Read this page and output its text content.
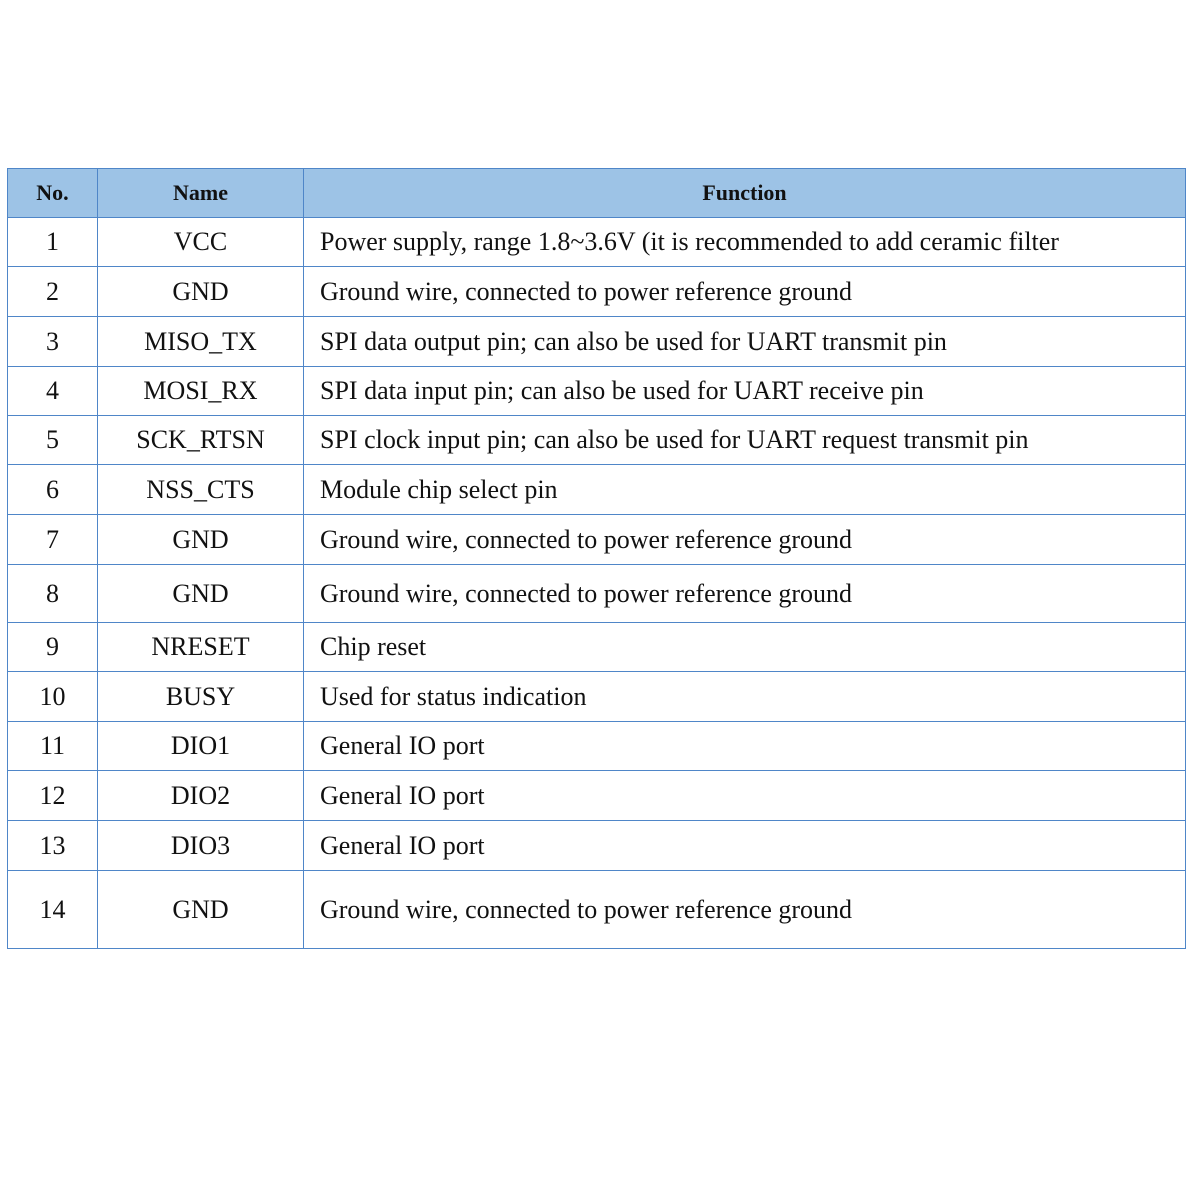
No.	Name	Function
1	VCC	Power supply, range 1.8~3.6V (it is recommended to add ceramic filter
2	GND	Ground wire, connected to power reference ground
3	MISO_TX	SPI data output pin; can also be used for UART transmit pin
4	MOSI_RX	SPI data input pin; can also be used for UART receive pin
5	SCK_RTSN	SPI clock input pin; can also be used for UART request transmit pin
6	NSS_CTS	Module chip select pin
7	GND	Ground wire, connected to power reference ground
8	GND	Ground wire, connected to power reference ground
9	NRESET	Chip reset
10	BUSY	Used for status indication
11	DIO1	General IO port
12	DIO2	General IO port
13	DIO3	General IO port
14	GND	Ground wire, connected to power reference ground
